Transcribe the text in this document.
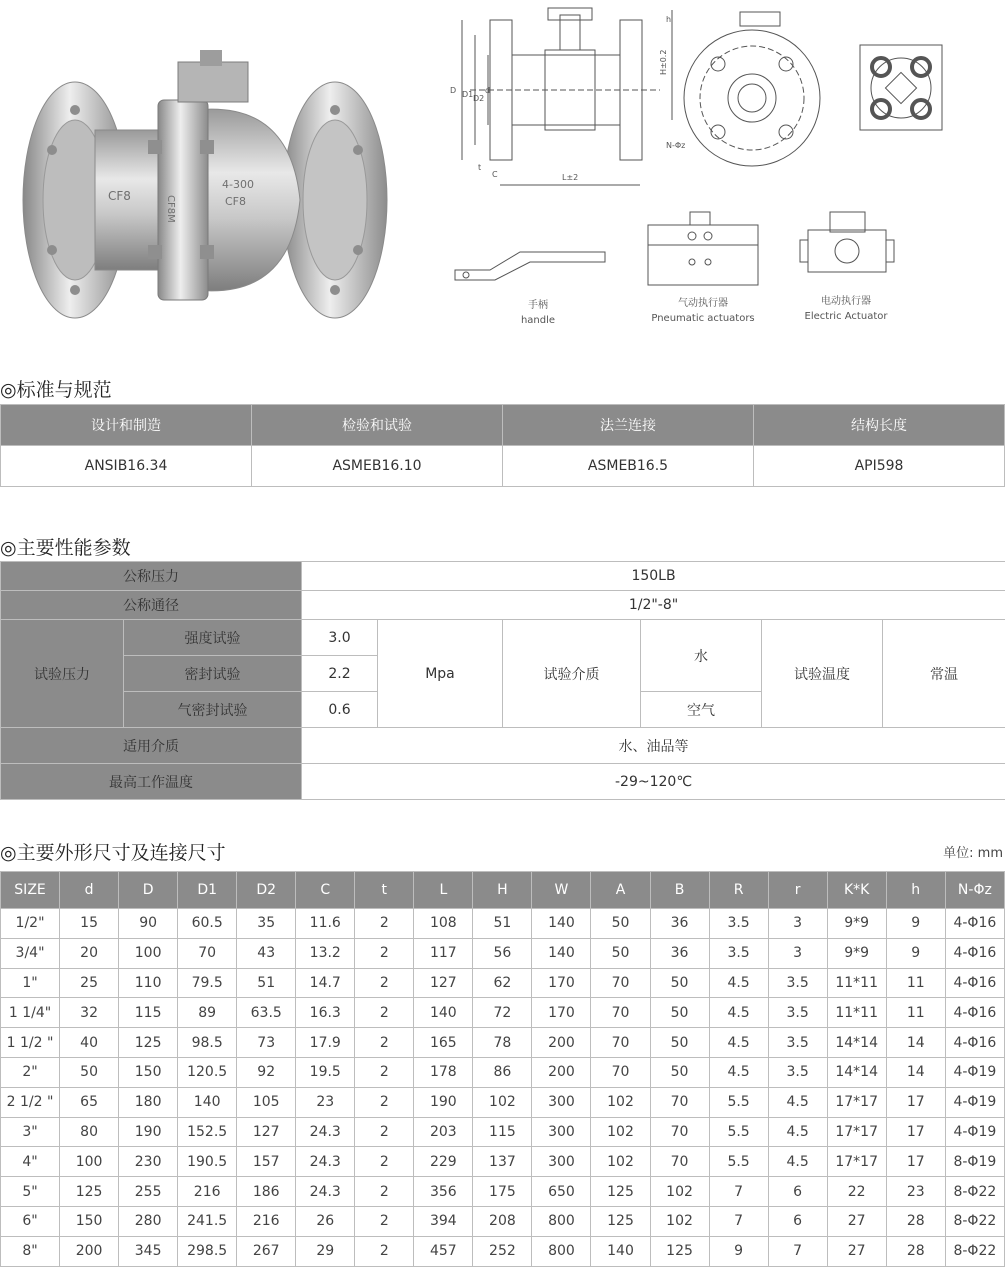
CF8
4-300
CF8
CF8M
D D1 D2
d
C
t
L±2
H±0.2
h
N-Φz
手柄
handle
气动执行器
Pneumatic actuators
电动执行器
Electric Actuator
◎标准与规范
设计和制造	检验和试验	法兰连接	结构长度
ANSIB16.34	ASMEB16.10	ASMEB16.5	API598
◎主要性能参数
公称压力		150LB					
公称通径		1/2"-8"					
试验压力	强度试验	3.0	Mpa	试验介质	水	试验温度	常温
	密封试验	2.2					
	气密封试验	0.6			空气		
适用介质		水、油品等					
最高工作温度		-29~120℃					
◎主要外形尺寸及连接尺寸	单位: mm
SIZE	d	D	D1	D2	C	t	L	H	W	A	B	R	r	K*K	h	N-Φz
1/2"	15	90	60.5	35	11.6	2	108	51	140	50	36	3.5	3	9*9	9	4-Φ16
3/4"	20	100	70	43	13.2	2	117	56	140	50	36	3.5	3	9*9	9	4-Φ16
1"	25	110	79.5	51	14.7	2	127	62	170	70	50	4.5	3.5	11*11	11	4-Φ16
1 1/4"	32	115	89	63.5	16.3	2	140	72	170	70	50	4.5	3.5	11*11	11	4-Φ16
1 1/2 "	40	125	98.5	73	17.9	2	165	78	200	70	50	4.5	3.5	14*14	14	4-Φ16
2"	50	150	120.5	92	19.5	2	178	86	200	70	50	4.5	3.5	14*14	14	4-Φ19
2 1/2 "	65	180	140	105	23	2	190	102	300	102	70	5.5	4.5	17*17	17	4-Φ19
3"	80	190	152.5	127	24.3	2	203	115	300	102	70	5.5	4.5	17*17	17	4-Φ19
4"	100	230	190.5	157	24.3	2	229	137	300	102	70	5.5	4.5	17*17	17	8-Φ19
5"	125	255	216	186	24.3	2	356	175	650	125	102	7	6	22	23	8-Φ22
6"	150	280	241.5	216	26	2	394	208	800	125	102	7	6	27	28	8-Φ22
8"	200	345	298.5	267	29	2	457	252	800	140	125	9	7	27	28	8-Φ22
